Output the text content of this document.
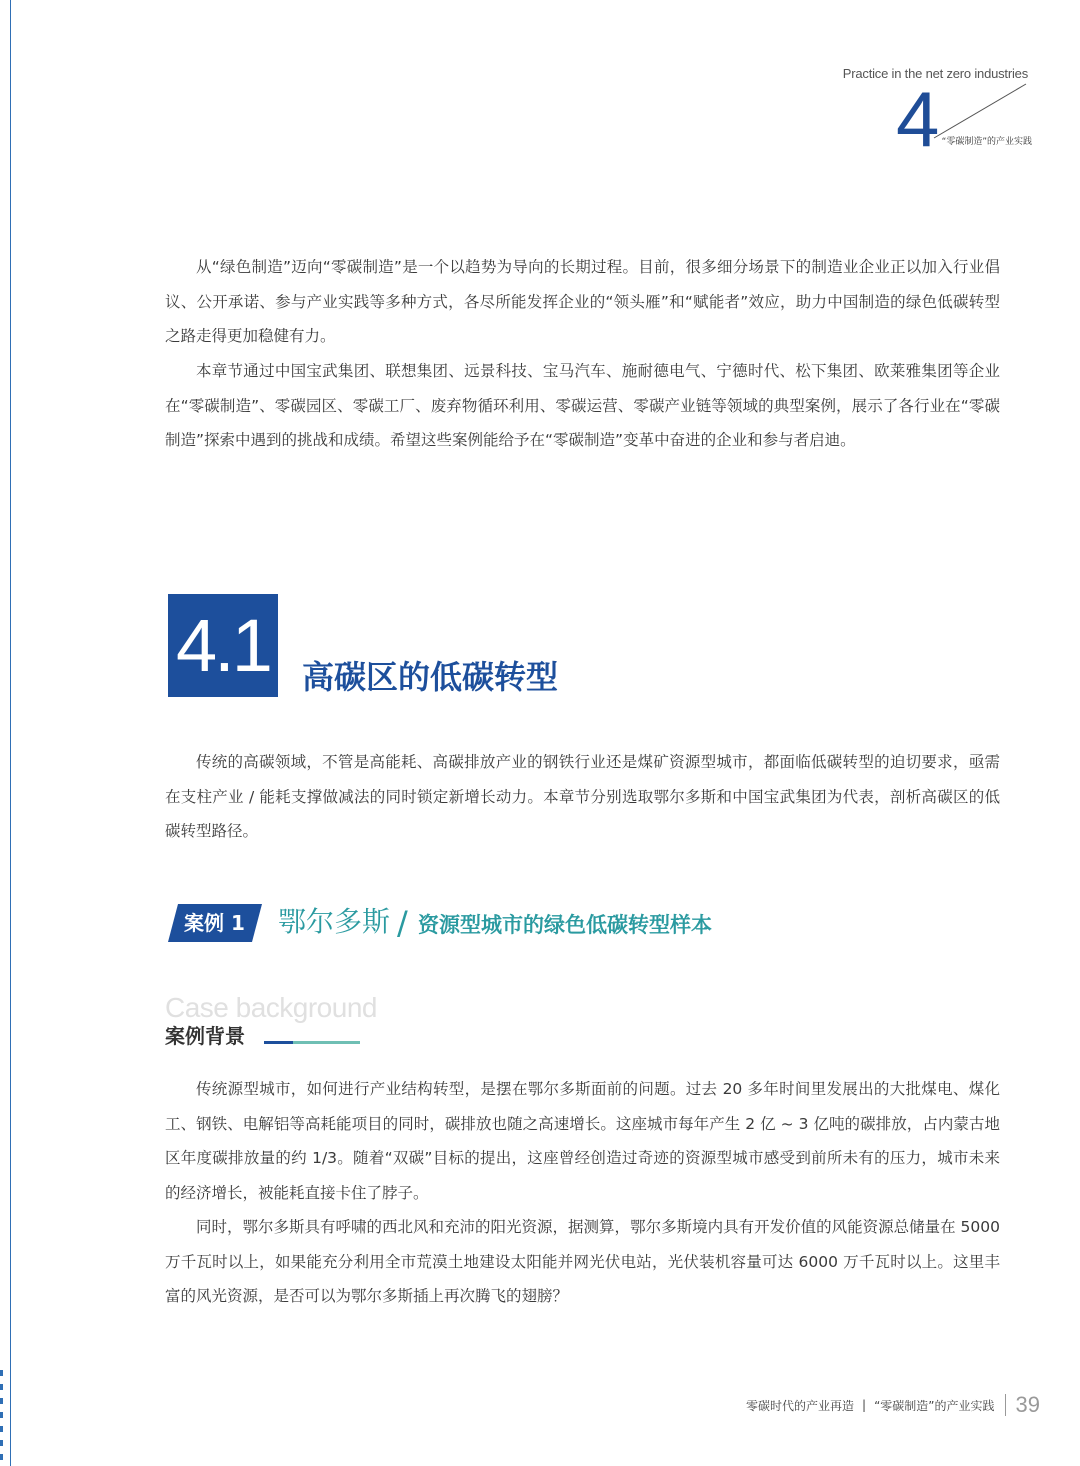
Practice in the net zero industries
4 “零碳制造”的产业实践

从“绿色制造”迈向“零碳制造”是一个以趋势为导向的长期过程。目前，很多细分场景下的制造业企业正以加入行业倡议、公开承诺、参与产业实践等多种方式，各尽所能发挥企业的“领头雁”和“赋能者”效应，助力中国制造的绿色低碳转型之路走得更加稳健有力。

本章节通过中国宝武集团、联想集团、远景科技、宝马汽车、施耐德电气、宁德时代、松下集团、欧莱雅集团等企业在“零碳制造”、零碳园区、零碳工厂、废弃物循环利用、零碳运营、零碳产业链等领域的典型案例，展示了各行业在“零碳制造”探索中遇到的挑战和成绩。希望这些案例能给予在“零碳制造”变革中奋进的企业和参与者启迪。

4.1 高碳区的低碳转型

传统的高碳领域，不管是高能耗、高碳排放产业的钢铁行业还是煤矿资源型城市，都面临低碳转型的迫切要求，亟需在支柱产业 / 能耗支撑做减法的同时锁定新增长动力。本章节分别选取鄂尔多斯和中国宝武集团为代表，剖析高碳区的低碳转型路径。

案例 1 鄂尔多斯 / 资源型城市的绿色低碳转型样本
Case background
案例背景

传统源型城市，如何进行产业结构转型，是摆在鄂尔多斯面前的问题。过去 20 多年时间里发展出的大批煤电、煤化工、钢铁、电解铝等高耗能项目的同时，碳排放也随之高速增长。这座城市每年产生 2 亿 ~ 3 亿吨的碳排放，占内蒙古地区年度碳排放量的约 1/3。随着“双碳”目标的提出，这座曾经创造过奇迹的资源型城市感受到前所未有的压力，城市未来的经济增长，被能耗直接卡住了脖子。

同时，鄂尔多斯具有呼啸的西北风和充沛的阳光资源，据测算，鄂尔多斯境内具有开发价值的风能资源总储量在 5000 万千瓦时以上，如果能充分利用全市荒漠土地建设太阳能并网光伏电站，光伏装机容量可达 6000 万千瓦时以上。这里丰富的风光资源，是否可以为鄂尔多斯插上再次腾飞的翅膀？

零碳时代的产业再造 | “零碳制造”的产业实践 39
